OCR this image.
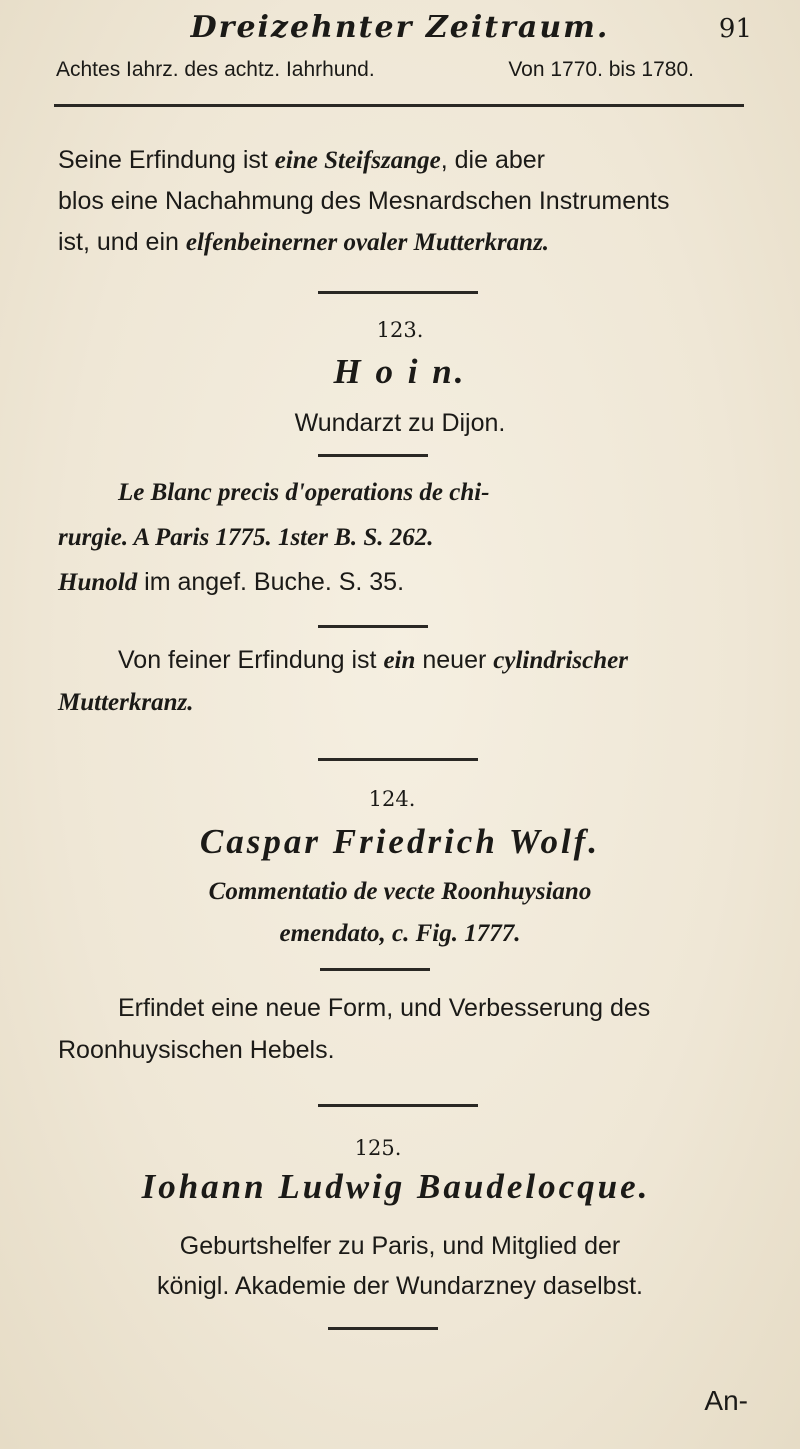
Dreizehnter Zeitraum.	91
Achtes Iahrz. des achtz. Iahrhund.	Von 1770. bis 1780.
Seine Erfindung ist eine Steifszange, die aber
blos eine Nachahmung des Mesnardschen Instruments
ist, und ein elfenbeinerner ovaler Mutterkranz.
123.
H o i n.
Wundarzt zu Dijon.
Le Blanc precis d'operations de chi-
rurgie. A Paris 1775. 1ster B. S. 262.
Hunold im angef. Buche. S. 35.
Von feiner Erfindung ist ein neuer cylindrischer
Mutterkranz.
124.
Caspar Friedrich Wolf.
Commentatio de vecte Roonhuysiano
emendato, c. Fig. 1777.
Erfindet eine neue Form, und Verbesserung des
Roonhuysischen Hebels.
125.
Iohann Ludwig Baudelocque.
Geburtshelfer zu Paris, und Mitglied der
königl. Akademie der Wundarzney daselbst.
An-
